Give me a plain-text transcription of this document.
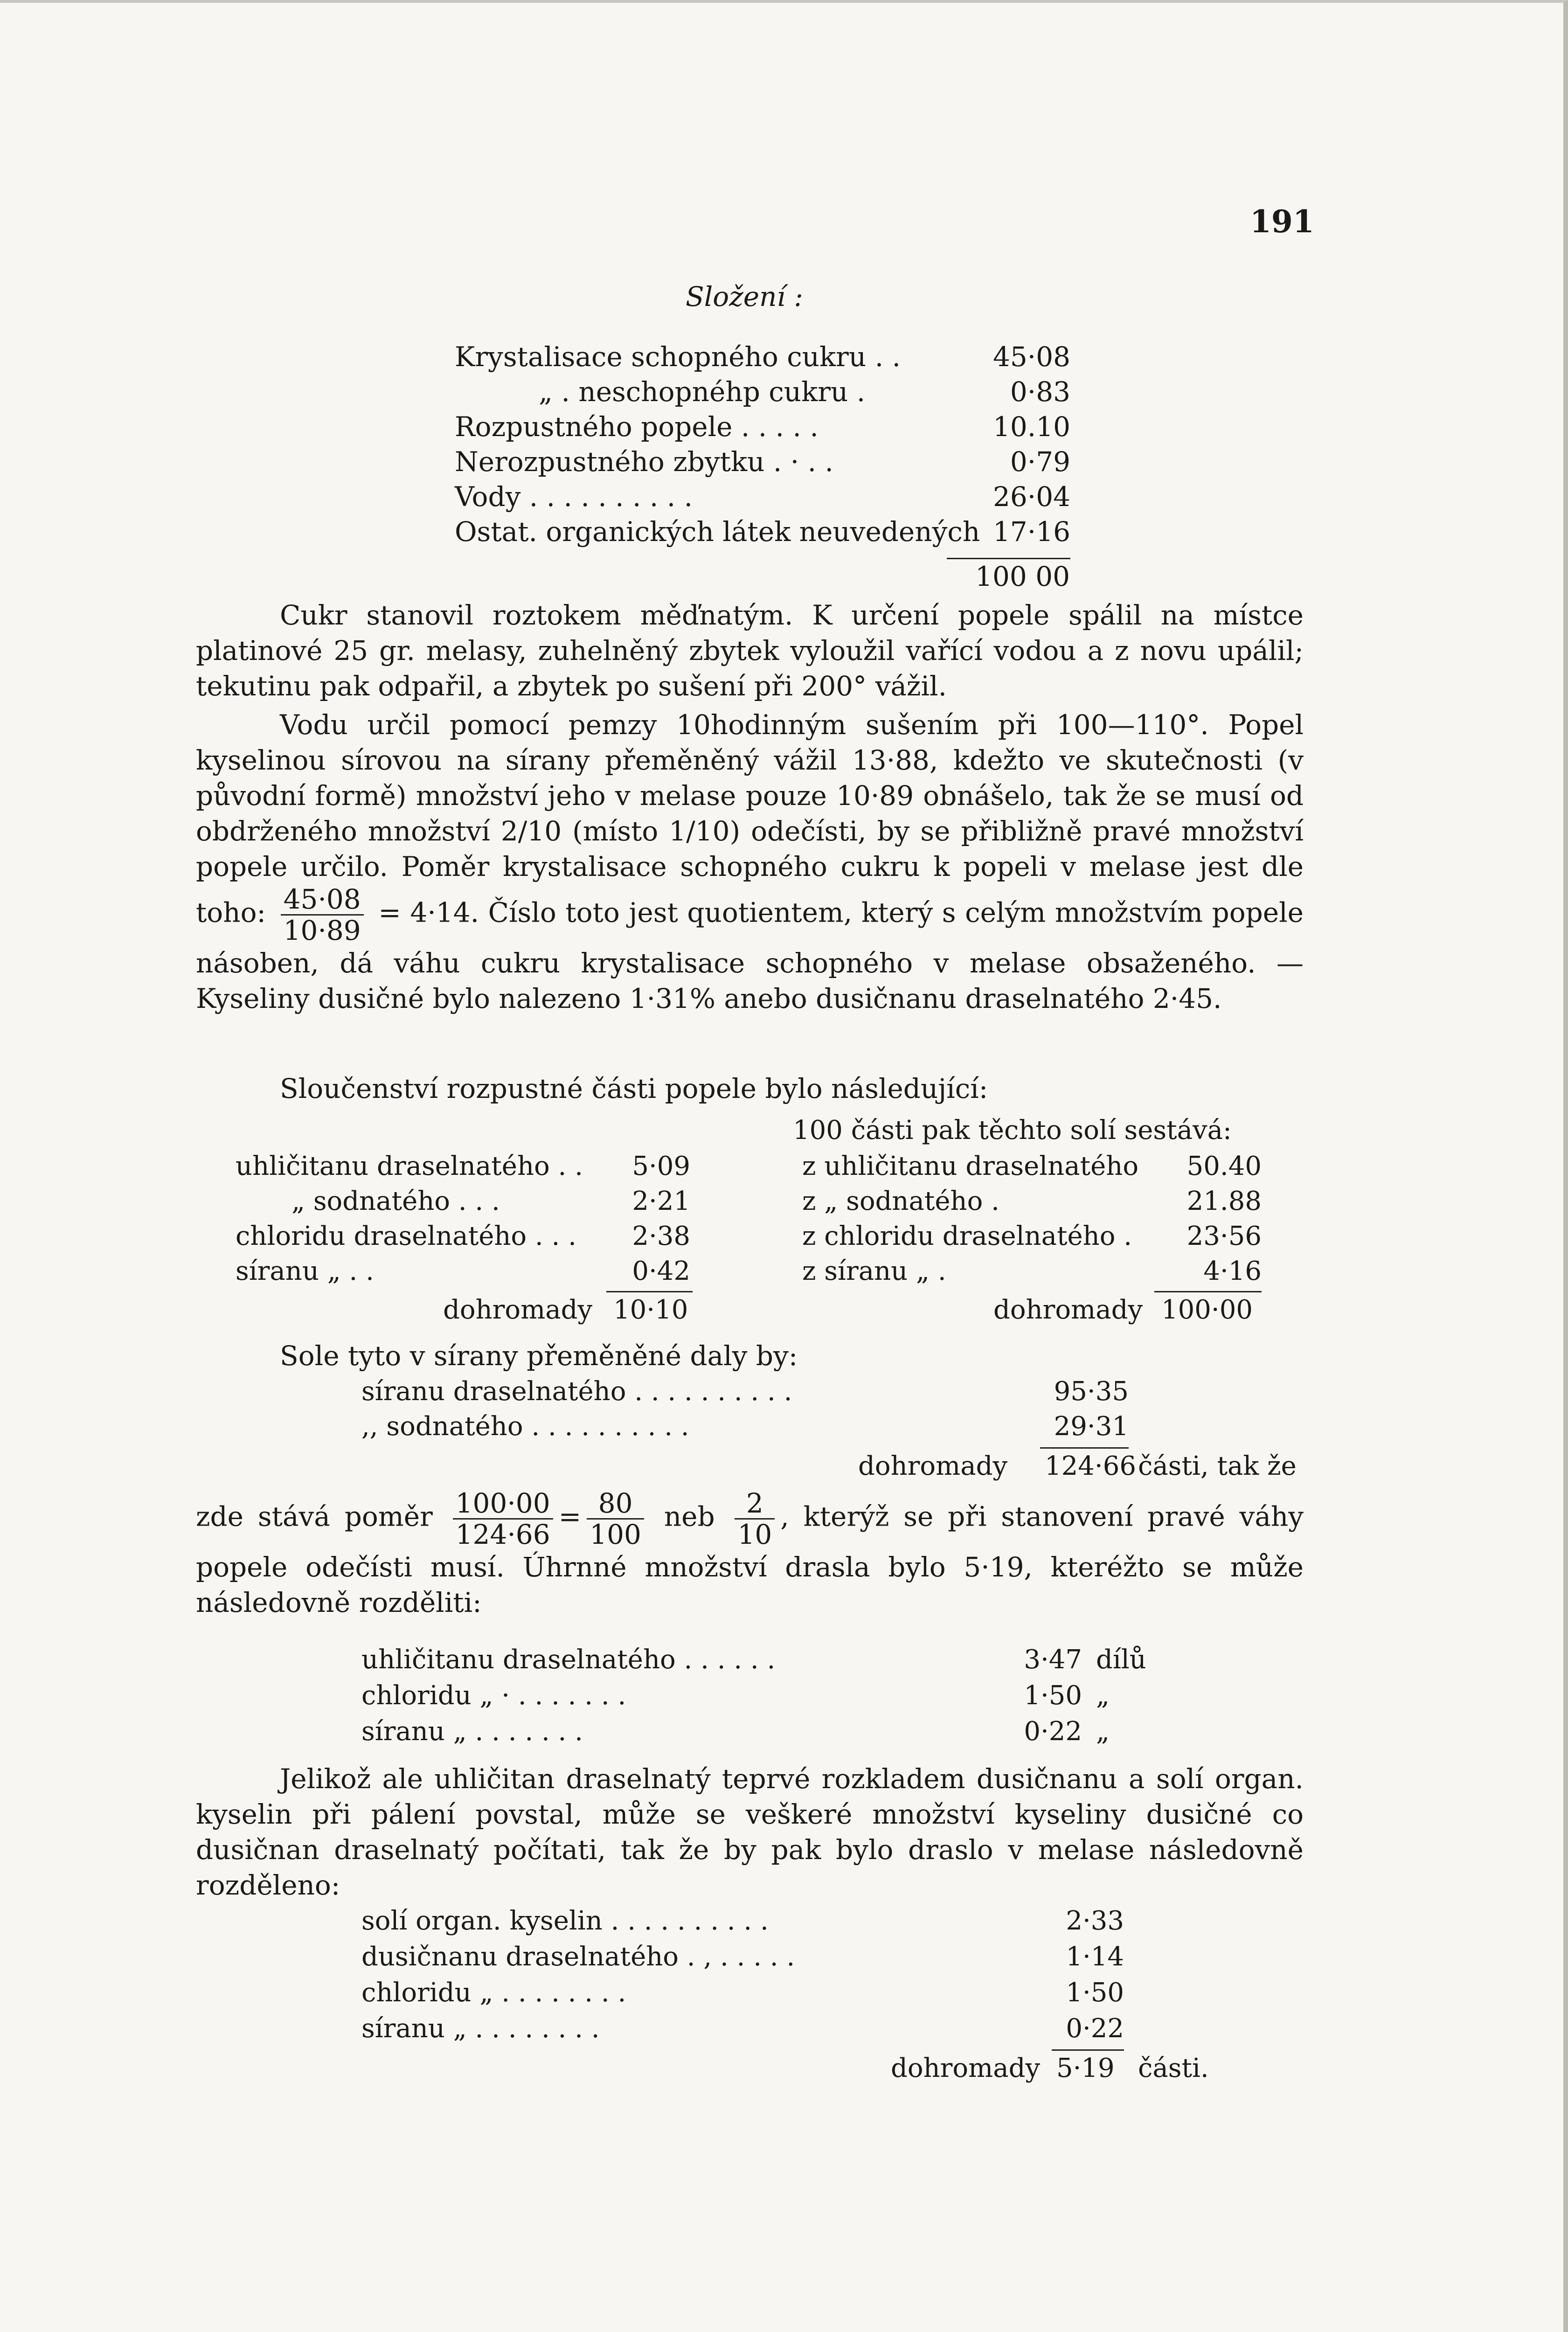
191
Složení :
Krystalisace schopného cukru . .	45·08
„ . neschopnéhp cukru .	0·83
Rozpustného popele . . . . .	10.10
Nerozpustného zbytku . · . .	0·79
Vody . . . . . . . . . .	26·04
Ostat. organických látek neuvedených 17·16
100 00
Cukr stanovil roztokem měďnatým. K určení popele spálil na místce platinové 25 gr. melasy, zuhelněný zbytek vyloužil vařící vodou a z novu upálil; tekutinu pak odpařil, a zbytek po sušení při 200° vážil.
Vodu určil pomocí pemzy 10hodinným sušením při 100—110°. Popel kyselinou sírovou na sírany přeměněný vážil 13·88, kdežto ve skutečnosti (v původní formě) množství jeho v melase pouze 10·89 obnášelo, tak že se musí od obdrženého množství 2/10 (místo 1/10) odečísti, by se přibližně pravé množství popele určilo. Poměr krystalisace schopného cukru k popeli v melase jest dle toho: $\frac{45\cdot 08}{10\cdot 89} = 4\cdot 14$. Číslo toto jest quotientem, který s celým množstvím popele násoben, dá váhu cukru krystalisace schopného v melase obsaženého. — Kyseliny dusičné bylo nalezeno 1·31% anebo dusičnanu draselnatého 2·45.
Sloučenství rozpustné části popele bylo následující:
100 části pak těchto solí sestává:
uhličitanu draselnatého . . 5·09
„ sodnatého . . .	2·21
chloridu draselnatého . . . 2·38
síranu „ . .	0·42
dohromady 10·10
z uhličitanu draselnatého 50.40
z „ sodnatého .	21.88
z chloridu draselnatého . 23·56
z síranu „ .	4·16
dohromady 100·00
Sole tyto v sírany přeměněné daly by:
síranu draselnatého . . . . . . . . . .	95·35
,, sodnatého . . . . . . . . . .	29·31
dohromady 124·66 části, tak že
zde stává poměr $\frac{100\cdot 00}{124\cdot 66} = \frac{80}{100}$ neb $\frac{2}{10}$ , kterýž se při stanovení pravé váhy popele odečísti musí. Úhrnné množství drasla bylo 5·19, kteréžto se může následovně rozděliti:
uhličitanu draselnatého . . . . . .	3·47 dílů
chloridu „ · . . . . . . .	1·50 „
síranu „ . . . . . . .	0·22 „
Jelikož ale uhličitan draselnatý teprvé rozkladem dusičnanu a solí organ. kyselin při pálení povstal, může se veškeré množství kyseliny dusičné co dusičnan draselnatý počítati, tak že by pak bylo draslo v melase následovně rozděleno:
solí organ. kyselin . . . . . . . . . .	2·33
dusičnanu draselnatého . , . . . . .	1·14
chloridu „ . . . . . . . .	1·50
síranu „ . . . . . . . .	0·22
dohromady 5·19 části.
